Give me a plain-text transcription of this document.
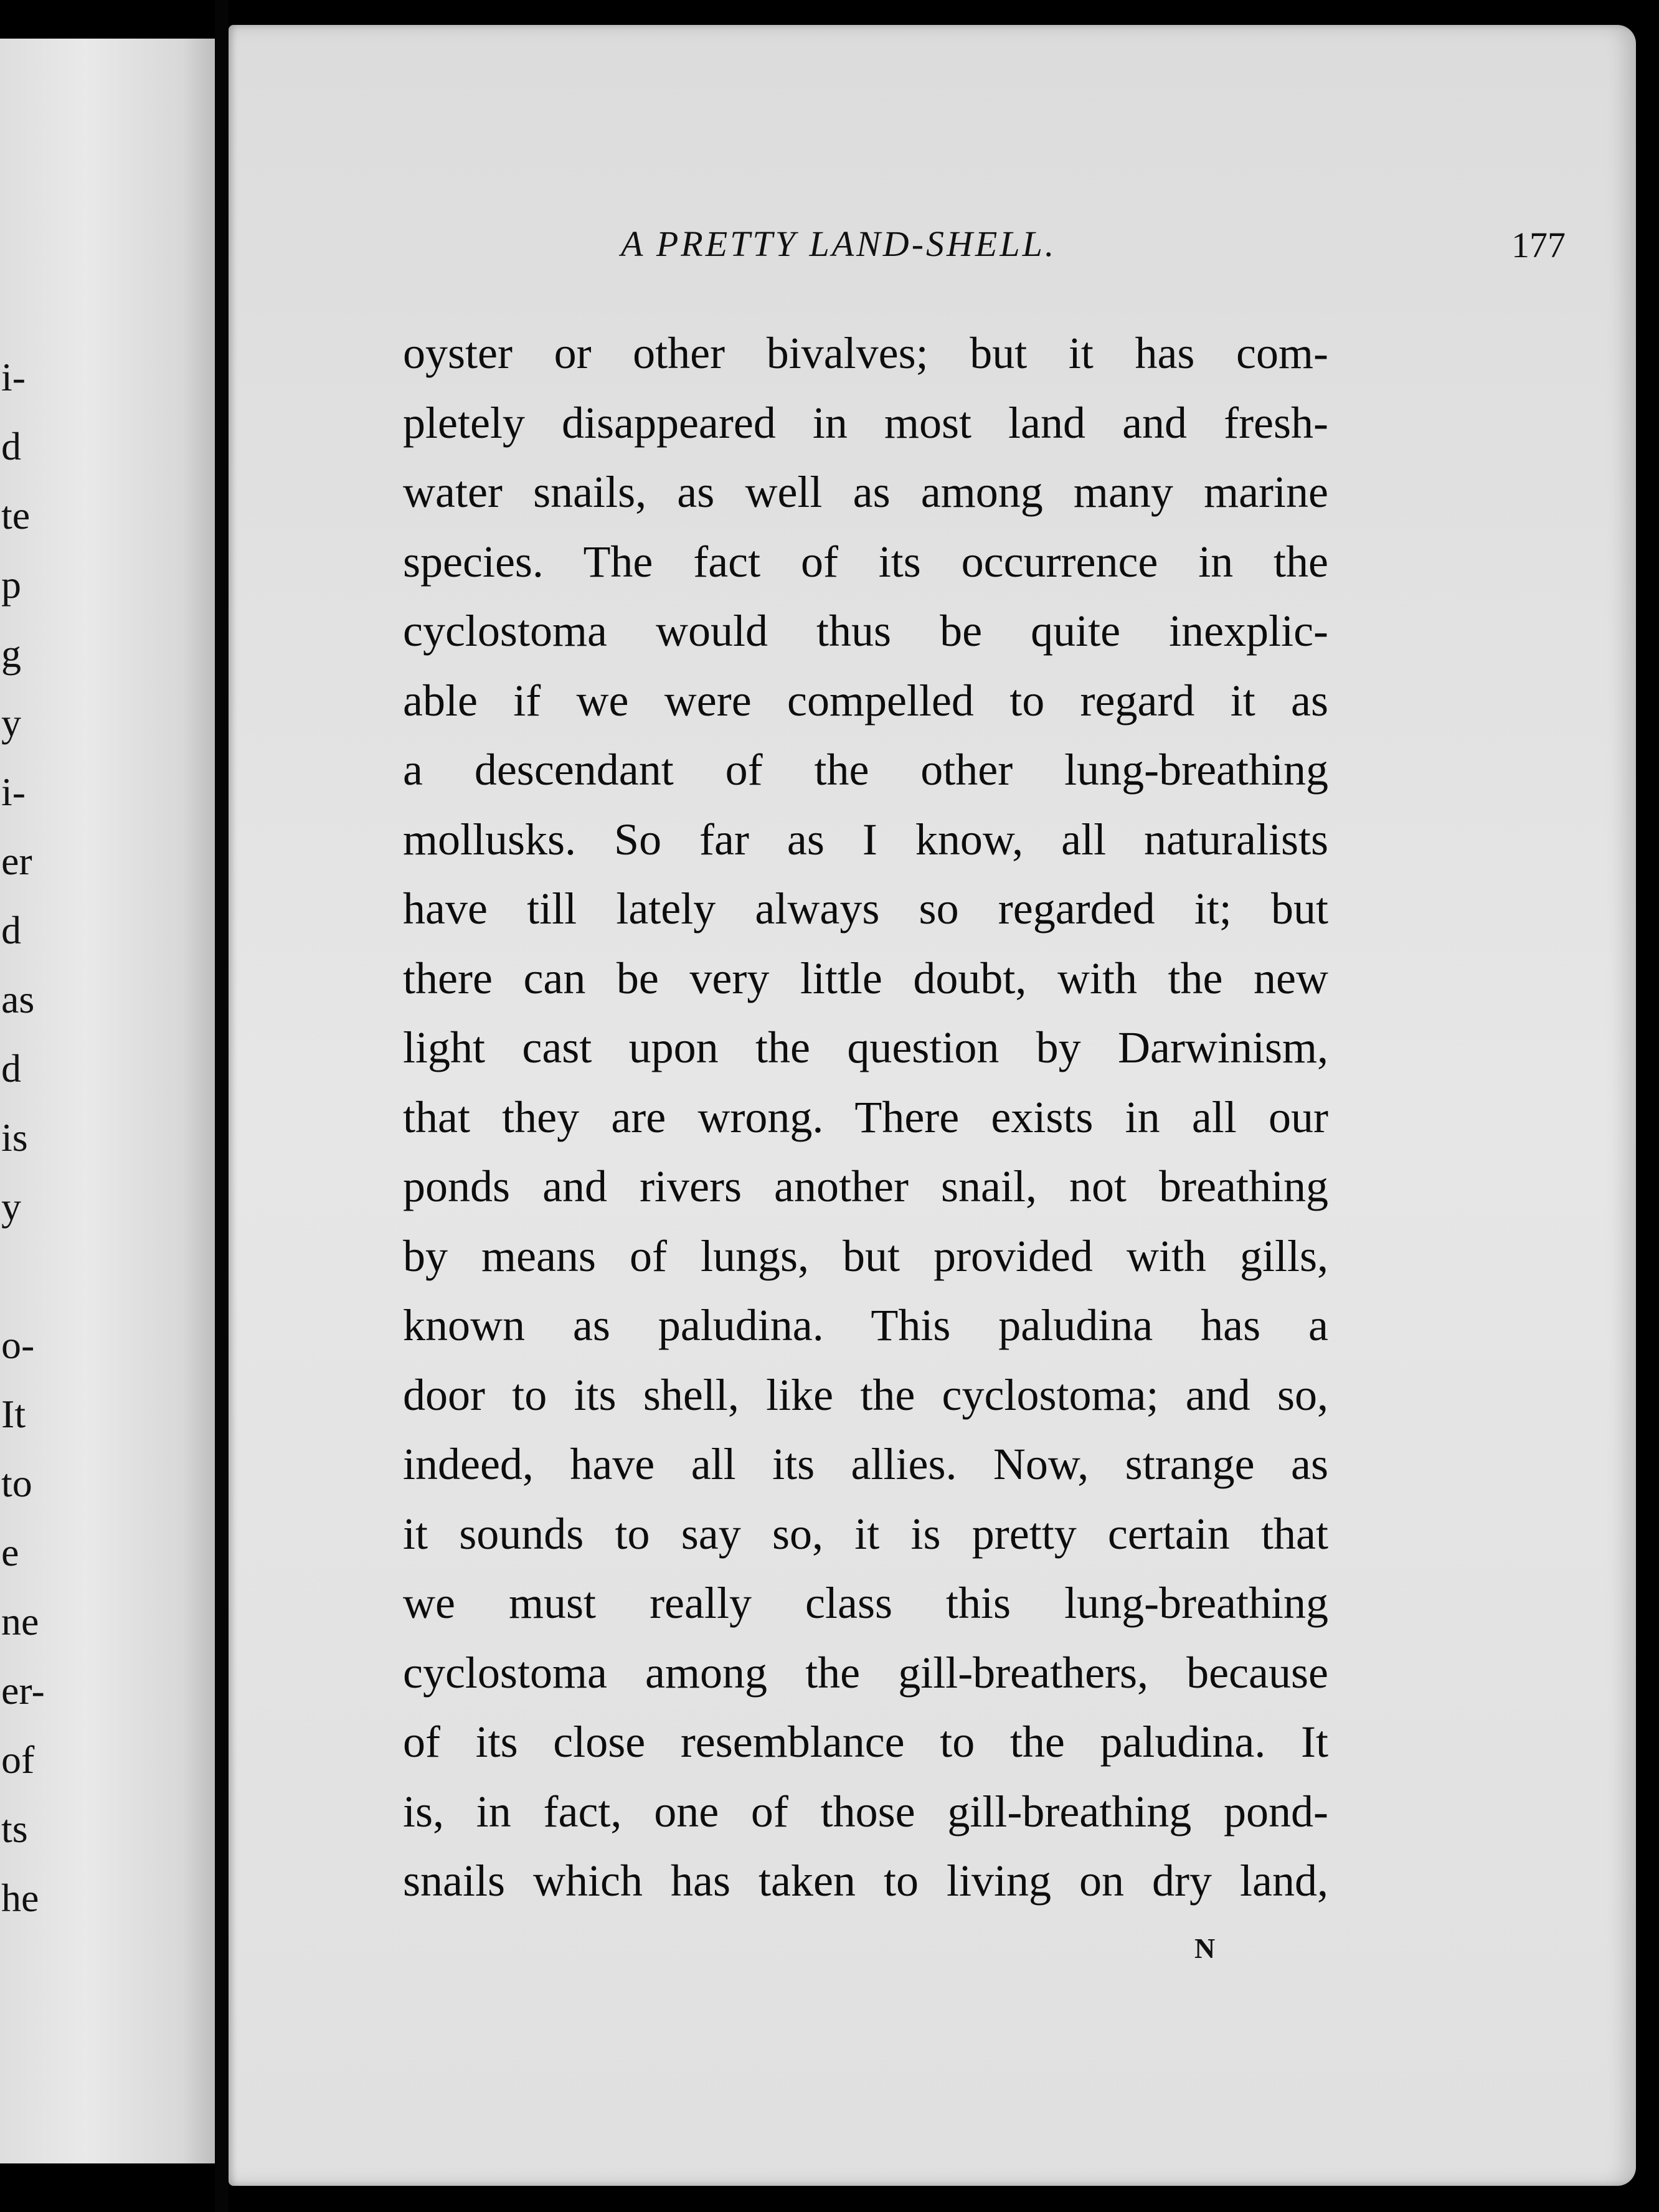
i-
d
te
p
g
y
i-
er
d
as
d
is
y
o-
It
to
e
ne
er-
of
ts
he
A PRETTY LAND-SHELL.	177
oyster or other bivalves; but it has com-
pletely disappeared in most land and fresh-
water snails, as well as among many marine
species. The fact of its occurrence in the
cyclostoma would thus be quite inexplic-
able if we were compelled to regard it as
a descendant of the other lung-breathing
mollusks. So far as I know, all naturalists
have till lately always so regarded it; but
there can be very little doubt, with the new
light cast upon the question by Darwinism,
that they are wrong. There exists in all our
ponds and rivers another snail, not breathing
by means of lungs, but provided with gills,
known as paludina. This paludina has a
door to its shell, like the cyclostoma; and so,
indeed, have all its allies. Now, strange as
it sounds to say so, it is pretty certain that
we must really class this lung-breathing
cyclostoma among the gill-breathers, because
of its close resemblance to the paludina. It
is, in fact, one of those gill-breathing pond-
snails which has taken to living on dry land,
N
